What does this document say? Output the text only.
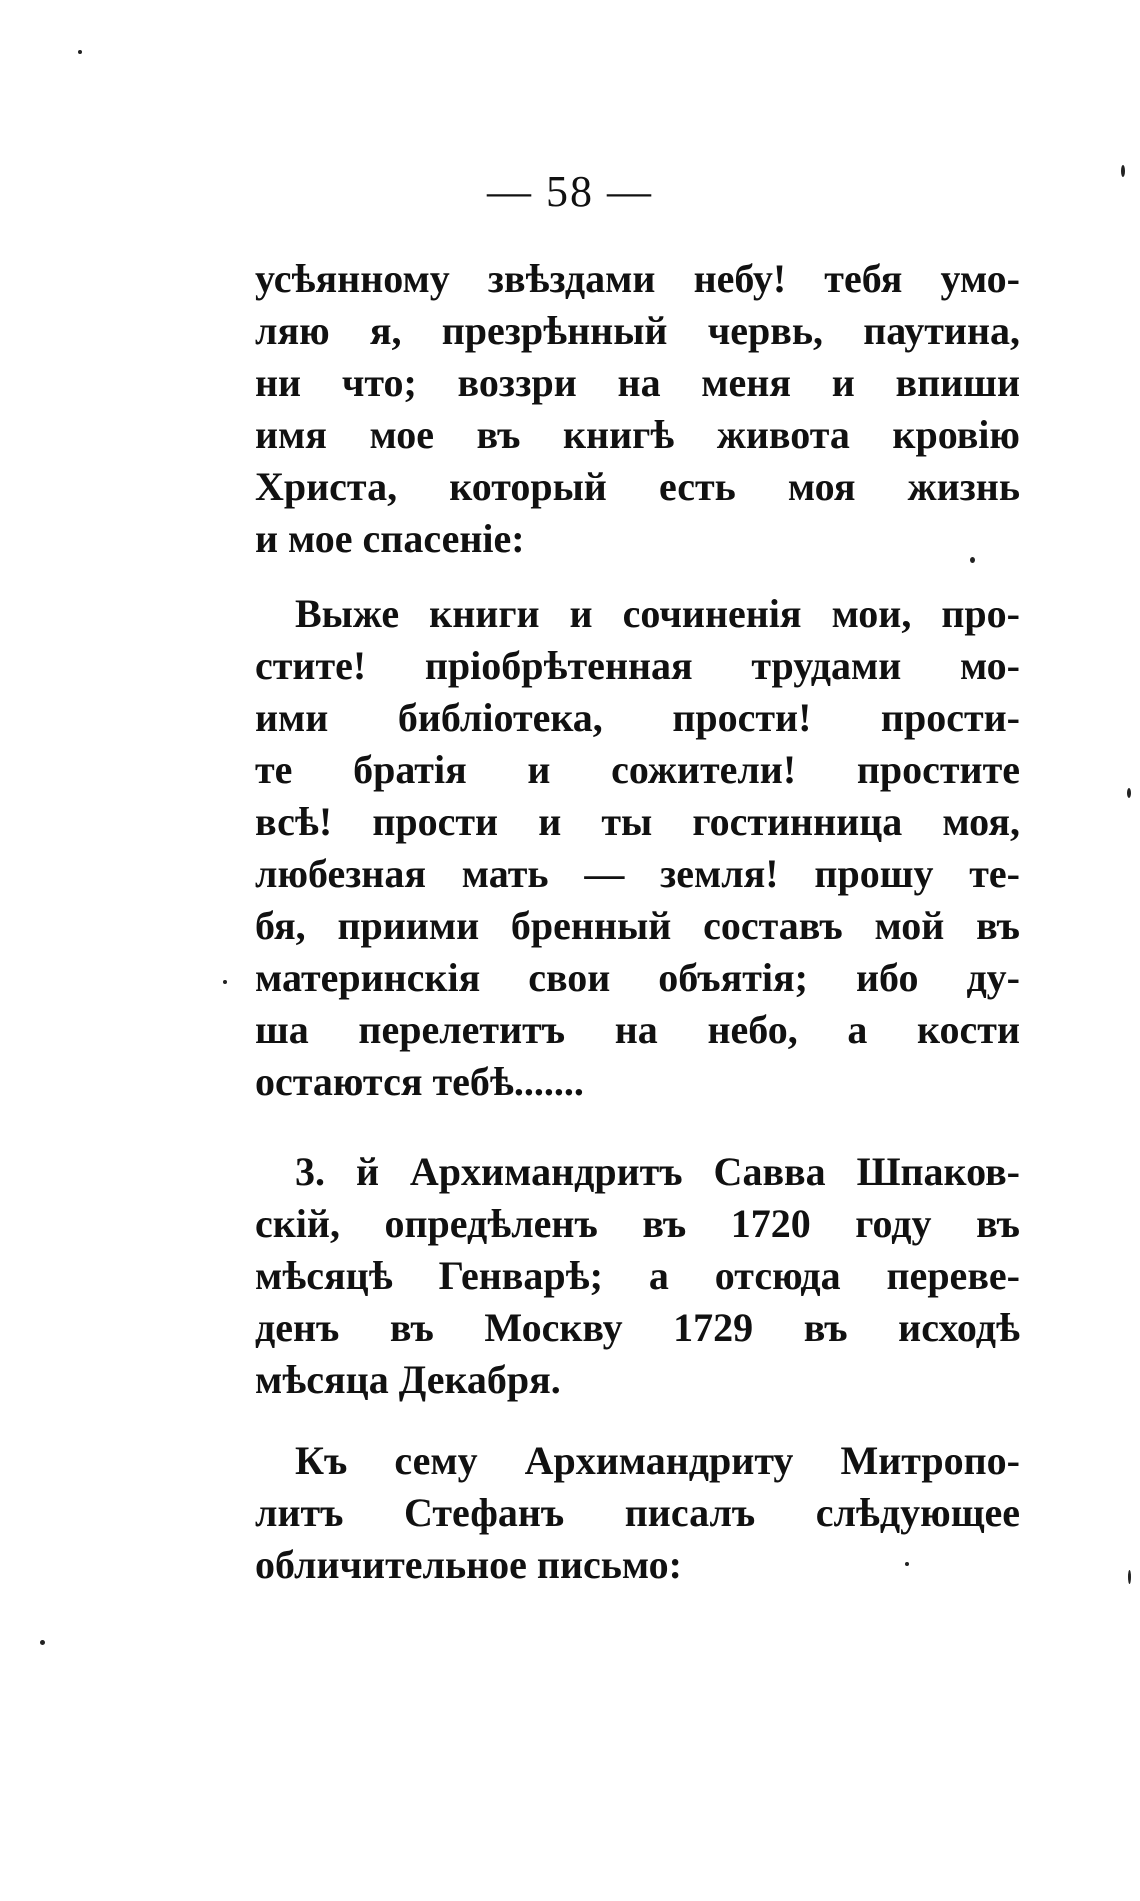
— 58 —
усѣянному звѣздами небу! тебя умо-
ляю я, презрѣнный червь, паутина,
ни что; воззри на меня и впиши
имя мое въ книгѣ живота кровію
Христа, который есть моя жизнь
и мое спасеніе:
Выже книги и сочиненія мои, про-
стите! пріобрѣтенная трудами мо-
ими библіотека, прости! прости-
те братія и сожители! простите
всѣ! прости и ты гостинница моя,
любезная мать — земля! прошу те-
бя, приими бренный составъ мой въ
материнскія свои объятія; ибо ду-
ша перелетитъ на небо, а кости
остаются тебѣ.......
3. й Архимандритъ Савва Шпаков-
скій, опредѣленъ въ 1720 году въ
мѣсяцѣ Генварѣ; а отсюда переве-
денъ въ Москву 1729 въ исходѣ
мѣсяца Декабря.
Къ сему Архимандриту Митропо-
литъ Стефанъ писалъ слѣдующее
обличительное письмо:
